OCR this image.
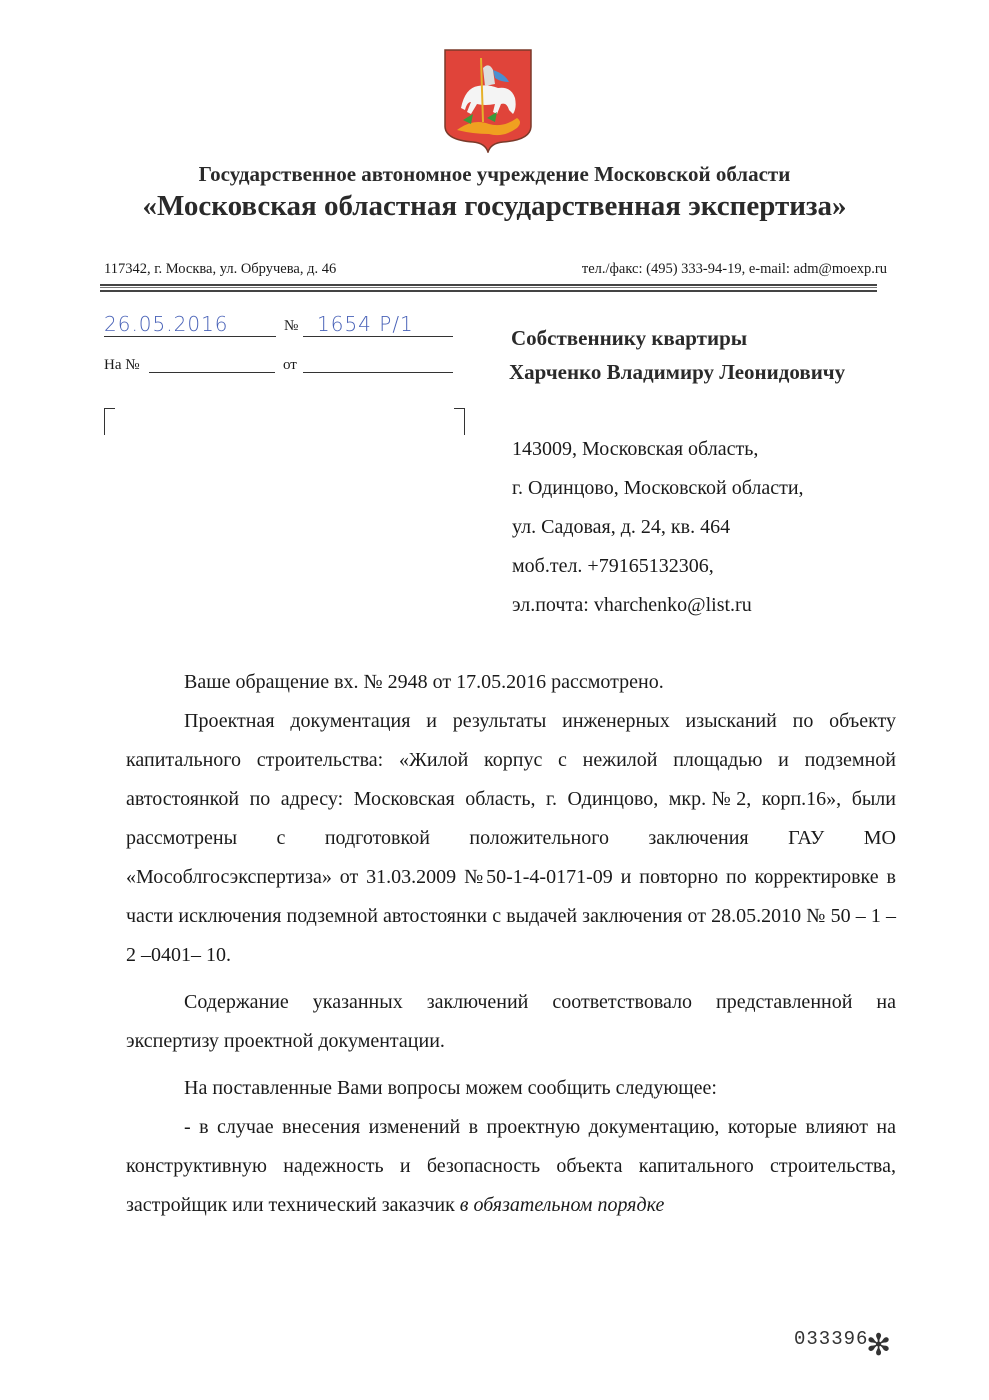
Государственное автономное учреждение Московской области
«Московская областная государственная экспертиза»
117342, г. Москва, ул. Обручева, д. 46	тел./факс: (495) 333-94-19, e-mail: adm@moexp.ru
26.05.2016	№ 1654 Р/1
На №	от
Собственнику квартиры
Харченко Владимиру Леонидовичу
143009, Московская область,
г. Одинцово, Московской области,
ул. Садовая, д. 24, кв. 464
моб.тел. +79165132306,
эл.почта: vharchenko@list.ru

Ваше обращение вх. № 2948 от 17.05.2016 рассмотрено.

Проектная документация и результаты инженерных изысканий по объекту капитального строительства: «Жилой корпус с нежилой площадью и подземной автостоянкой по адресу: Московская область, г. Одинцово, мкр.№2, корп.16», были рассмотрены с подготовкой положительного заключения ГАУ МО «Мособлгосэкспертиза» от 31.03.2009 №50-1-4-0171-09 и повторно по корректировке в части исключения подземной автостоянки с выдачей заключения от 28.05.2010 № 50 – 1 – 2 –0401– 10.

Содержание указанных заключений соответствовало представленной на экспертизу проектной документации.

На поставленные Вами вопросы можем сообщить следующее:

- в случае внесения изменений в проектную документацию, которые влияют на конструктивную надежность и безопасность объекта капитального строительства, застройщик или технический заказчик в обязательном порядке

033396
✻
